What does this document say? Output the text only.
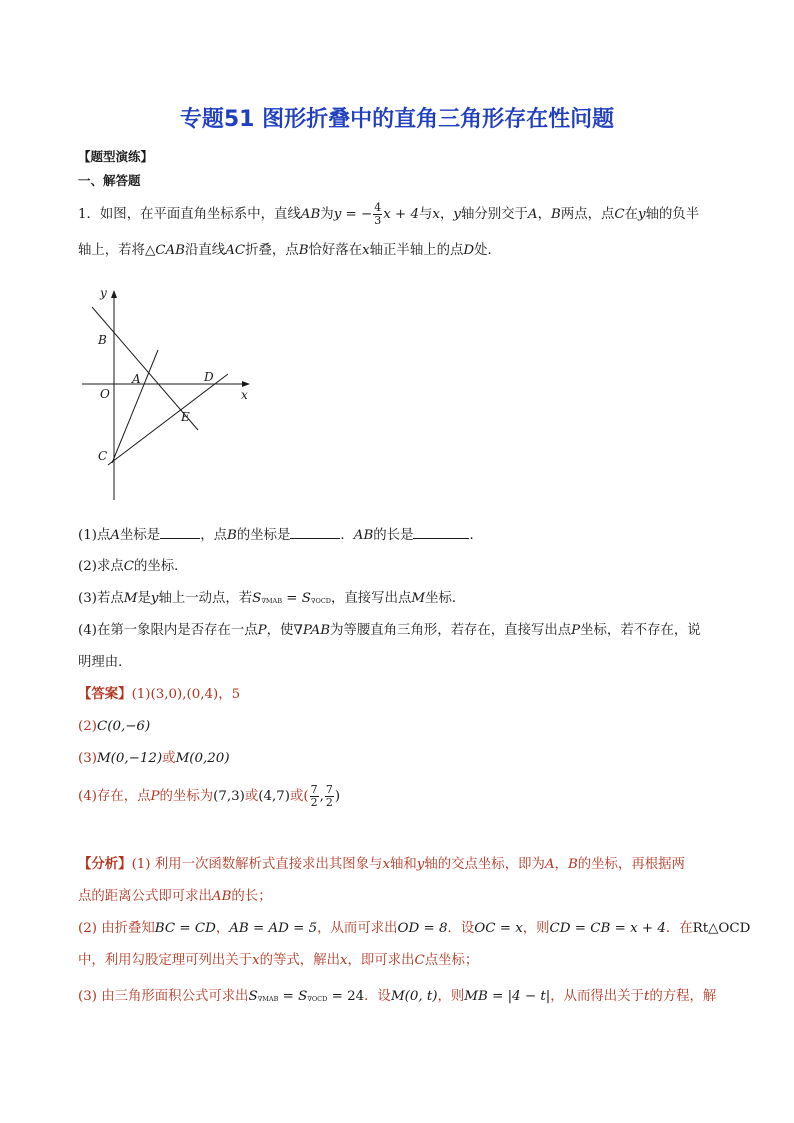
专题51 图形折叠中的直角三角形存在性问题
【题型演练】
一、解答题
1．如图，在平面直角坐标系中，直线AB为y = − $\frac{4}{3}$ x + 4与x，y轴分别交于A，B两点，点C在y轴的负半
轴上，若将△CAB沿直线AC折叠，点B恰好落在x轴正半轴上的点D处．
y
x
B
A	D
O
E
C
(1)点A坐标是	，点B的坐标是	．AB的长是	．
(2)求点C的坐标．
(3)若点M是y轴上一动点，若S∇MAB = S∇OCD，直接写出点M坐标．
(4)在第一象限内是否存在一点P，使∇PAB为等腰直角三角形，若存在，直接写出点P坐标，若不存在，说
明理由．
【答案】(1)(3,0),(0,4)，5
(2)C(0,−6)
(3)M(0,−12)或M(0,20)
(4)存在，点P的坐标为(7,3)或(4,7)或( $\frac{7}{2}$ , $\frac{7}{2}$ )
【分析】(1) 利用一次函数解析式直接求出其图象与x轴和y轴的交点坐标，即为A，B的坐标，再根据两
点的距离公式即可求出AB的长；
(2) 由折叠知BC = CD，AB = AD = 5，从而可求出OD = 8．设OC = x，则CD = CB = x + 4．在Rt△OCD
中，利用勾股定理可列出关于x的等式，解出x，即可求出C点坐标；
(3) 由三角形面积公式可求出S∇MAB = S∇OCD = 24．设M(0, t)，则MB = |4 − t|，从而得出关于t的方程，解
